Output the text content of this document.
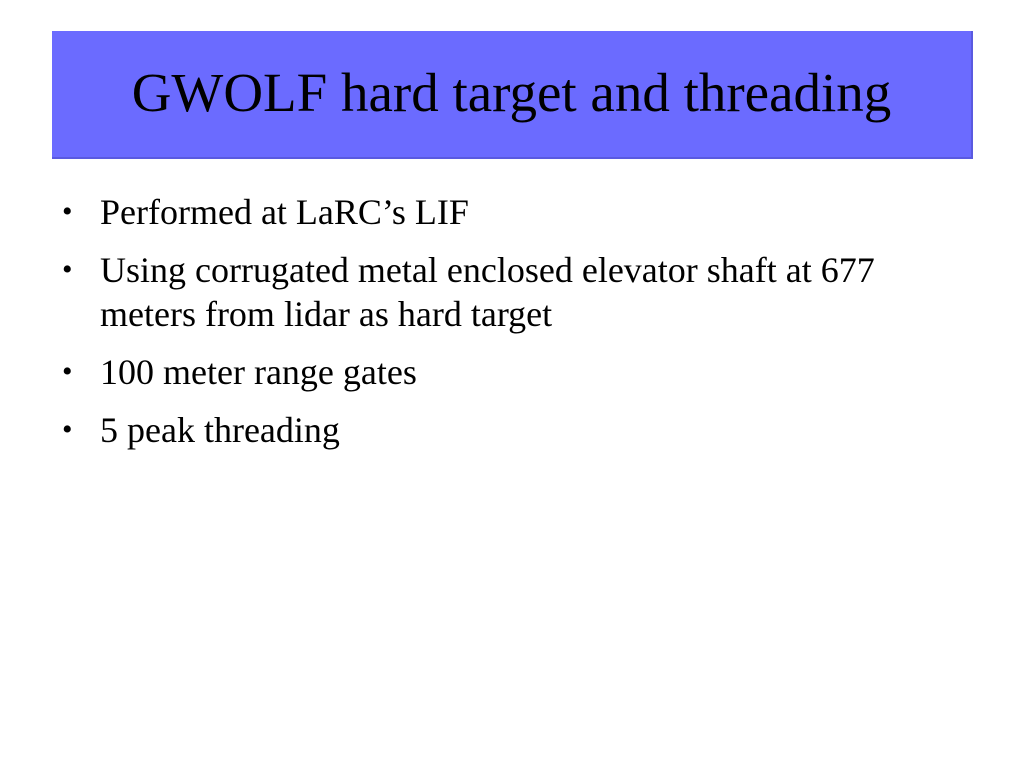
GWOLF hard target and threading
• Performed at LaRC’s LIF
• Using corrugated metal enclosed elevator shaft at 677 meters from lidar as hard target
• 100 meter range gates
• 5 peak threading
